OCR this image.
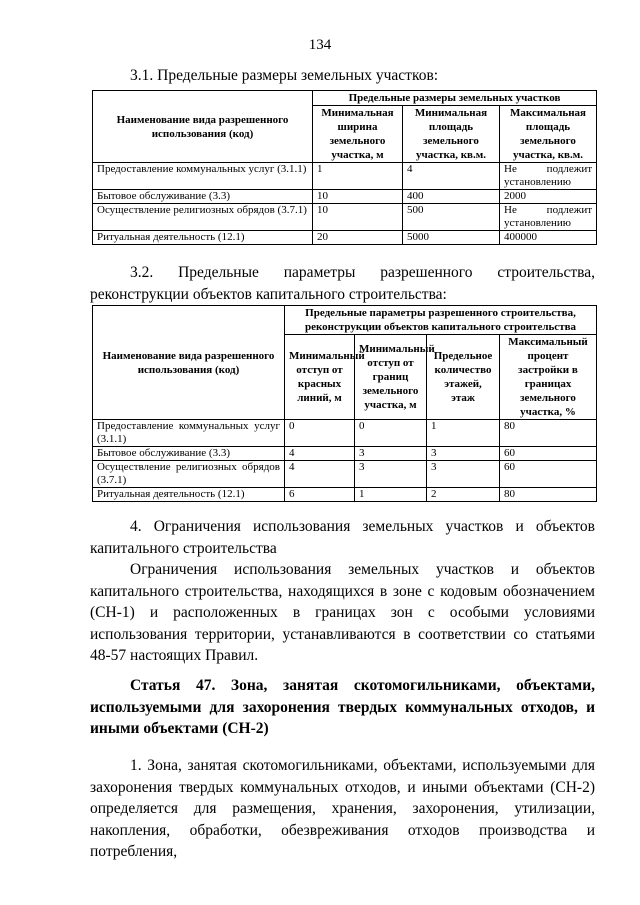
134
3.1. Предельные размеры земельных участков:
Наименование вида разрешенного использования (код)	Предельные размеры земельных участков		
	Минимальная ширина земельного участка, м	Минимальная площадь земельного участка, кв.м.	Максимальная площадь земельного участка, кв.м.
Предоставление коммунальных услуг (3.1.1)	1	4	Не подлежит установлению
Бытовое обслуживание (3.3)	10	400	2000
Осуществление религиозных обрядов (3.7.1)	10	500	Не подлежит установлению
Ритуальная деятельность (12.1)	20	5000	400000
3.2. Предельные параметры разрешенного строительства, реконструкции объектов капитального строительства:
Наименование вида разрешенного использования (код)	Предельные параметры разрешенного строительства, реконструкции объектов капитального строительства			
	Минимальный отступ от красных линий, м	Минимальный отступ от границ земельного участка, м	Предельное количество этажей, этаж	Максимальный процент застройки в границах земельного участка, %
Предоставление коммунальных услуг (3.1.1)	0	0	1	80
Бытовое обслуживание (3.3)	4	3	3	60
Осуществление религиозных обрядов (3.7.1)	4	3	3	60
Ритуальная деятельность (12.1)	6	1	2	80
4. Ограничения использования земельных участков и объектов капитального строительства
Ограничения использования земельных участков и объектов капитального строительства, находящихся в зоне с кодовым обозначением (СН-1) и расположенных в границах зон с особыми условиями использования территории, устанавливаются в соответствии со статьями 48-57 настоящих Правил.
Статья 47. Зона, занятая скотомогильниками, объектами, используемыми для захоронения твердых коммунальных отходов, и иными объектами (СН-2)
1. Зона, занятая скотомогильниками, объектами, используемыми для захоронения твердых коммунальных отходов, и иными объектами (СН-2) определяется для размещения, хранения, захоронения, утилизации, накопления, обработки, обезвреживания отходов производства и потребления,
